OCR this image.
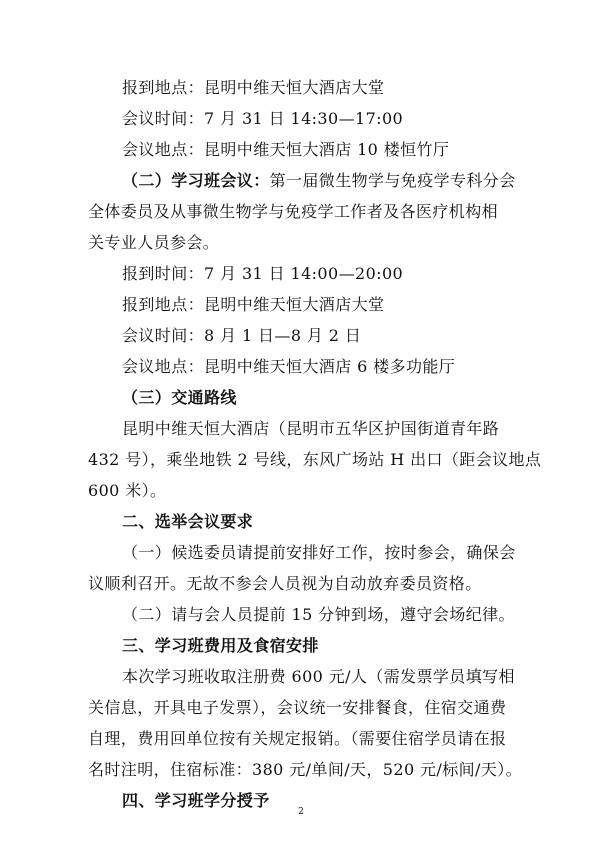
报到地点：昆明中维天恒大酒店大堂
会议时间：7 月 31 日 14:30—17:00
会议地点：昆明中维天恒大酒店 10 楼恒竹厅
（二）学习班会议：第一届微生物学与免疫学专科分会
全体委员及从事微生物学与免疫学工作者及各医疗机构相
关专业人员参会。
报到时间：7 月 31 日 14:00—20:00
报到地点：昆明中维天恒大酒店大堂
会议时间：8 月 1 日—8 月 2 日
会议地点：昆明中维天恒大酒店 6 楼多功能厅
（三）交通路线
昆明中维天恒大酒店（昆明市五华区护国街道青年路
432 号），乘坐地铁 2 号线，东风广场站 H 出口（距会议地点
600 米）。
二、选举会议要求
（一）候选委员请提前安排好工作，按时参会，确保会
议顺利召开。无故不参会人员视为自动放弃委员资格。
（二）请与会人员提前 15 分钟到场，遵守会场纪律。
三、学习班费用及食宿安排
本次学习班收取注册费 600 元/人（需发票学员填写相
关信息，开具电子发票），会议统一安排餐食，住宿交通费
自理，费用回单位按有关规定报销。（需要住宿学员请在报
名时注明，住宿标准：380 元/单间/天，520 元/标间/天）。
四、学习班学分授予
2
